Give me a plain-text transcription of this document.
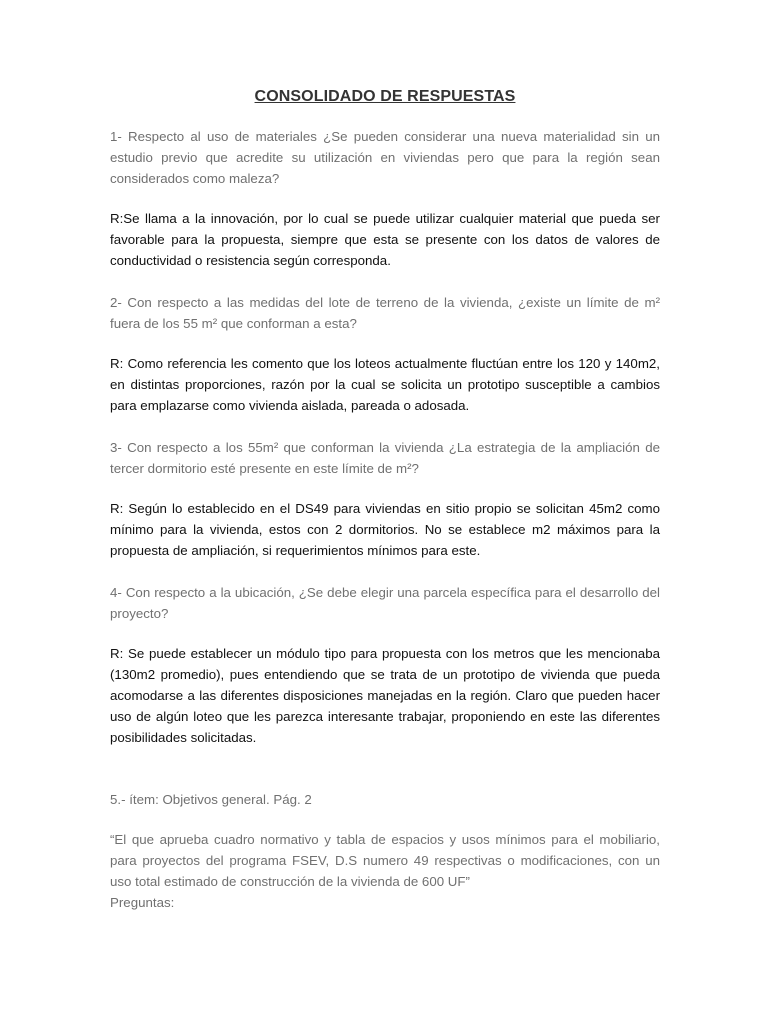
CONSOLIDADO DE RESPUESTAS

1- Respecto al uso de materiales ¿Se pueden considerar una nueva materialidad sin un estudio previo que acredite su utilización en viviendas pero que para la región sean considerados como maleza?

R:Se llama a la innovación, por lo cual se puede utilizar cualquier material que pueda ser favorable para la propuesta, siempre que esta se presente con los datos de valores de conductividad o resistencia según corresponda.

2- Con respecto a las medidas del lote de terreno de la vivienda, ¿existe un límite de m² fuera de los 55 m² que conforman a esta?

R: Como referencia les comento que los loteos actualmente fluctúan entre los 120 y 140m2, en distintas proporciones, razón por la cual se solicita un prototipo susceptible a cambios para emplazarse como vivienda aislada, pareada o adosada.

3- Con respecto a los 55m² que conforman la vivienda ¿La estrategia de la ampliación de tercer dormitorio esté presente en este límite de m²?

R: Según lo establecido en el DS49 para viviendas en sitio propio se solicitan 45m2 como mínimo para la vivienda, estos con 2 dormitorios. No se establece m2 máximos para la propuesta de ampliación, si requerimientos mínimos para este.

4- Con respecto a la ubicación, ¿Se debe elegir una parcela específica para el desarrollo del proyecto?

R: Se puede establecer un módulo tipo para propuesta con los metros que les mencionaba (130m2 promedio), pues entendiendo que se trata de un prototipo de vivienda que pueda acomodarse a las diferentes disposiciones manejadas en la región. Claro que pueden hacer uso de algún loteo que les parezca interesante trabajar, proponiendo en este las diferentes posibilidades solicitadas.

5.- ítem: Objetivos general. Pág. 2

“El que aprueba cuadro normativo y tabla de espacios y usos mínimos para el mobiliario, para proyectos del programa FSEV, D.S numero 49 respectivas o modificaciones, con un uso total estimado de construcción de la vivienda de 600 UF”

Preguntas:
